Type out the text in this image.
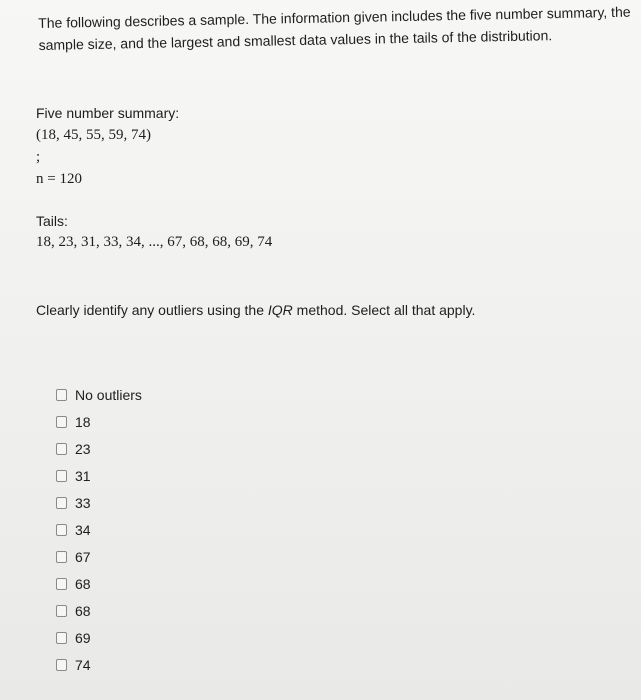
The following describes a sample. The information given includes the five number summary, the sample size, and the largest and smallest data values in the tails of the distribution.
Five number summary:
(18, 45, 55, 59, 74)
;
n = 120
Tails:
18, 23, 31, 33, 34, ..., 67, 68, 68, 69, 74
Clearly identify any outliers using the IQR method. Select all that apply.
No outliers
18
23
31
33
34
67
68
68
69
74
